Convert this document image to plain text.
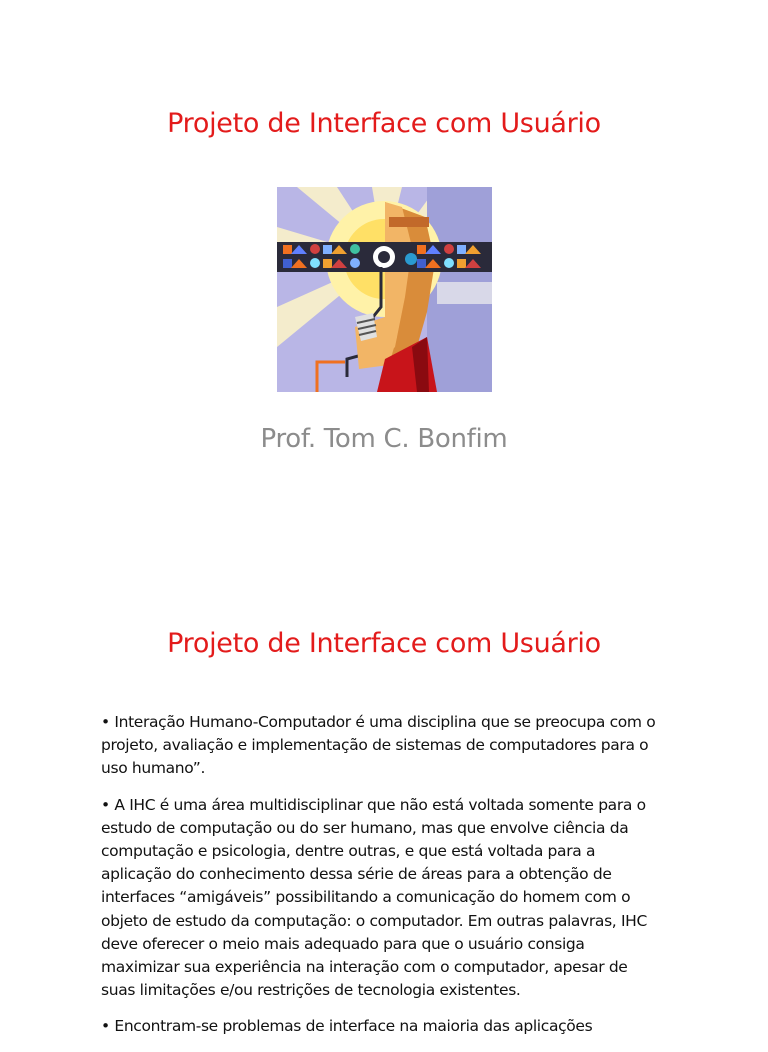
Projeto de Interface com Usuário
Prof. Tom C. Bonfim
Projeto de Interface com Usuário

• Interação Humano-Computador é uma disciplina que se preocupa com o projeto, avaliação e implementação de sistemas de computadores para o uso humano”.

• A IHC é uma área multidisciplinar que não está voltada somente para o estudo de computação ou do ser humano, mas que envolve ciência da computação e psicologia, dentre outras, e que está voltada para a aplicação do conhecimento dessa série de áreas para a obtenção de interfaces “amigáveis” possibilitando a comunicação do homem com o objeto de estudo da computação: o computador. Em outras palavras, IHC deve oferecer o meio mais adequado para que o usuário consiga maximizar sua experiência na interação com o computador, apesar de suas limitações e/ou restrições de tecnologia existentes.

• Encontram-se problemas de interface na maioria das aplicações
